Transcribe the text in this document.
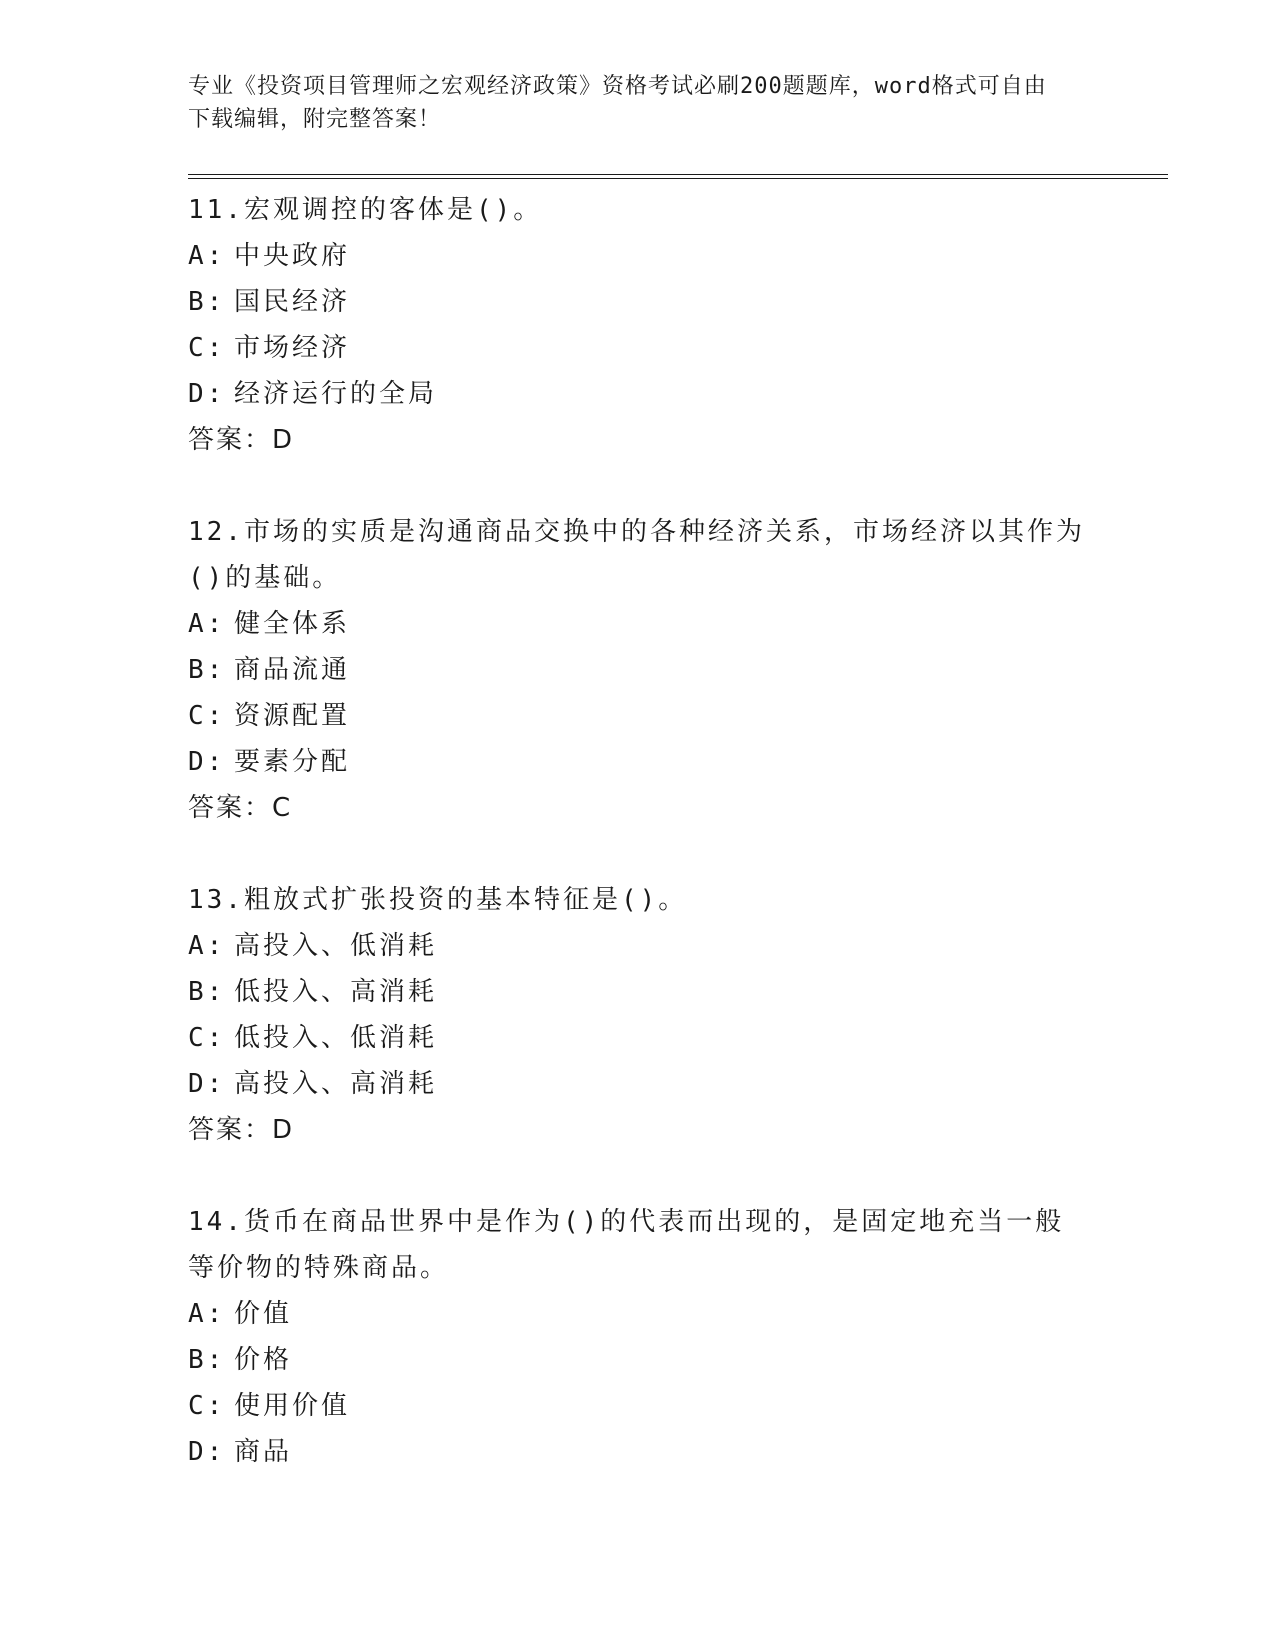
专业《投资项目管理师之宏观经济政策》资格考试必刷200题题库，word格式可自由下载编辑，附完整答案！
11.宏观调控的客体是()。
A: 中央政府
B: 国民经济
C: 市场经济
D: 经济运行的全局
答案：D
12.市场的实质是沟通商品交换中的各种经济关系，市场经济以其作为()的基础。
A: 健全体系
B: 商品流通
C: 资源配置
D: 要素分配
答案：C
13.粗放式扩张投资的基本特征是()。
A: 高投入、低消耗
B: 低投入、高消耗
C: 低投入、低消耗
D: 高投入、高消耗
答案：D
14.货币在商品世界中是作为()的代表而出现的，是固定地充当一般等价物的特殊商品。
A: 价值
B: 价格
C: 使用价值
D: 商品
